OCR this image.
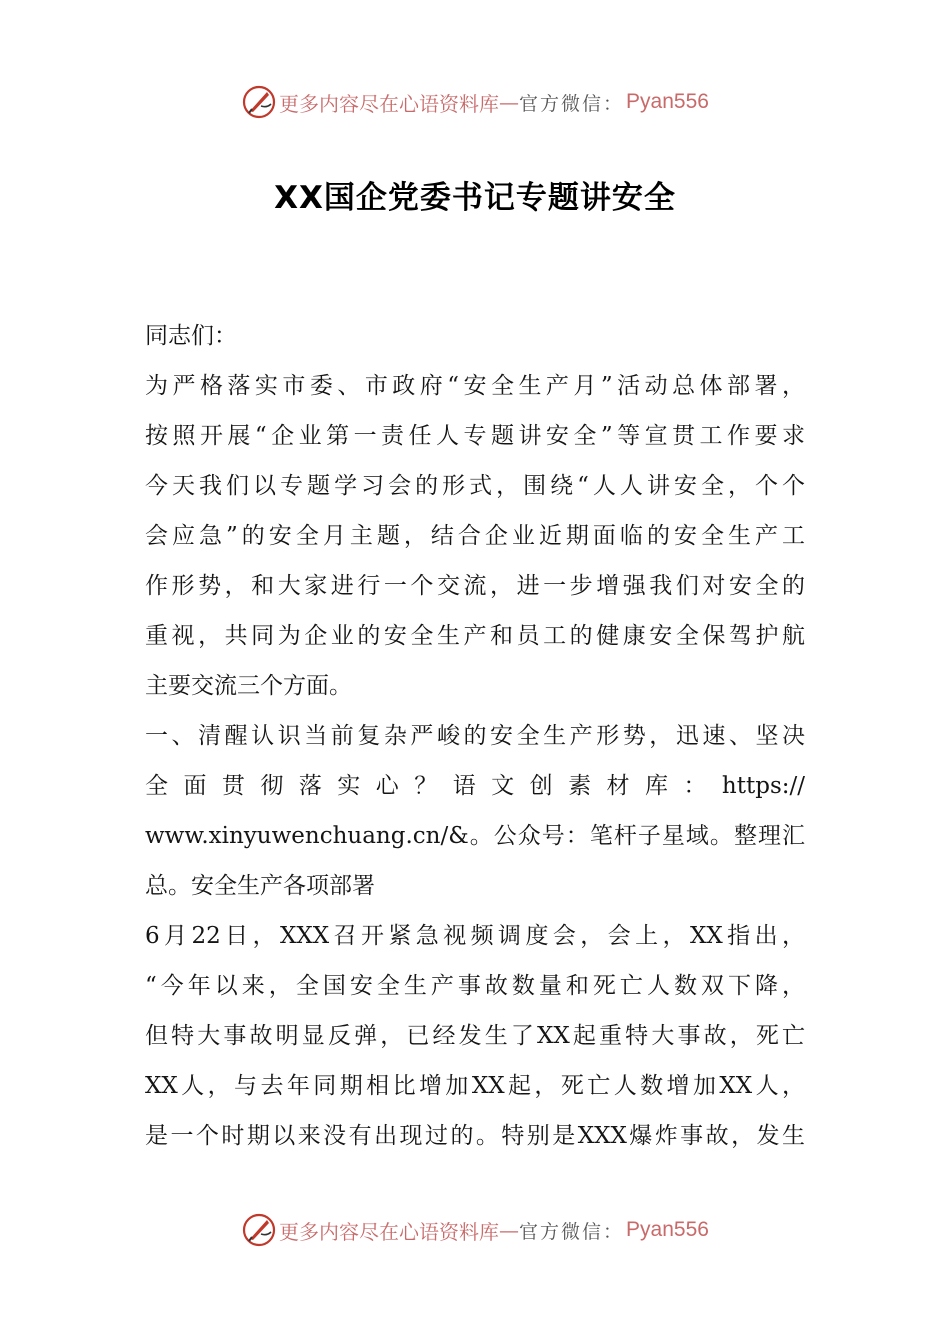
更多内容尽在心语资料库 — 官方微信： Pyan556
XX国企党委书记专题讲安全
同志们：
为严格落实市委、市政府“安全生产月”活动总体部署，
按照开展“企业第一责任人专题讲安全”等宣贯工作要求
今天我们以专题学习会的形式，围绕“人人讲安全，个个
会应急”的安全月主题，结合企业近期面临的安全生产工
作形势，和大家进行一个交流，进一步增强我们对安全的
重视，共同为企业的安全生产和员工的健康安全保驾护航
主要交流三个方面。
一、清醒认识当前复杂严峻的安全生产形势，迅速、坚决
全面贯彻落实心？语文创素材库：https://
www.xinyuwenchuang.cn/&。公众号：笔杆子星域。整理汇
总。安全生产各项部署
6月22日，XXX召开紧急视频调度会，会上，XX指出，
“今年以来，全国安全生产事故数量和死亡人数双下降，
但特大事故明显反弹，已经发生了XX起重特大事故，死亡
XX人，与去年同期相比增加XX起，死亡人数增加XX人，
是一个时期以来没有出现过的。特别是XXX爆炸事故，发生
更多内容尽在心语资料库 — 官方微信： Pyan556
